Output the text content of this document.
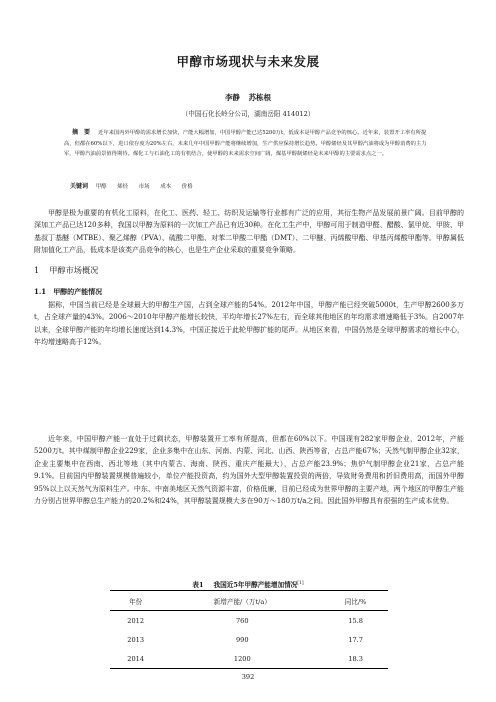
甲醇市场现状与未来发展
李静 苏栋根
（中国石化长岭分公司，湖南岳阳 414012）
摘　要 近年来国内外甲醇的需求增长加快，产能大幅增加，中国甲醇产能已达5200万t，低成本是甲醇产品竞争的核心。近年来，装置开工率有所提高，但都在60%以下，进口依存度为20%左右，未来几年中国甲醇产能将继续增加，生产供应保持增长趋势。甲醇烯烃及其甲醇汽油将成为甲醇消费的主力军，甲醇汽油前景值得期待。煤化工与石油化工的有机结合，使甲醇的未来需求空间广阔，煤基甲醇制烯烃是未来甲醇的主要需求点之一。
关键词 甲醇 烯烃 市场 成本 价格
甲醇是极为重要的有机化工原料，在化工、医药、轻工、纺织及运输等行业都有广泛的应用，其衍生物产品发展前景广阔。目前甲醇的深加工产品已达120多种，我国以甲醇为原料的一次加工产品已有近30种。在化工生产中，甲醇可用于制造甲醛、醋酸、氯甲烷、甲胺、甲基叔丁基醚（MTBE）、聚乙烯醇（PVA）、硫酸二甲酯、对苯二甲酸二甲酯（DMT）、二甲醚、丙烯酸甲酯、甲基丙烯酸甲酯等。甲醇属低附加值化工产品，低成本是该类产品竞争的核心，也是生产企业采取的重要竞争策略。
1 甲醇市场概况
1.1 甲醇的产能情况
据称，中国当前已经是全球最大的甲醇生产国，占到全球产能的54%。2012年中国，甲醇产能已经突破5000t，生产甲醇2600多万t，占全球产量的43%。2006～2010年甲醇产能增长较快，平均年增长27%左右，而全球其他地区的年均需求增速略低于3%。自2007年以来，全球甲醇产能的年均增长速度达到14.3%，中国正接近于此轮甲醇扩能的尾声。从地区来看，中国仍然是全球甲醇需求的增长中心，年均增速略高于12%。
近年来，中国甲醇产能一直处于过剩状态，甲醇装置开工率有所提高，但都在60%以下。中国现有282家甲醇企业，2012年，产能5200万t。其中煤制甲醇企业229家，企业多集中在山东、河南、内蒙、河北、山西、陕西等省，占总产能67%；天然气制甲醇企业32家，企业主要集中在西南、西北等地（其中内蒙古、海南、陕西、重庆产能最大），占总产能23.9%；焦炉气制甲醇企业21家，占总产能9.1%。目前国内甲醇装置规模普遍较小，单位产能投资高，约为国外大型甲醇装置投资的两倍，导致财务费用和折旧费用高，而国外甲醇95%以上以天然气为原料生产。中东、中南美地区天然气资源丰富，价格低廉，目前已经成为世界甲醇的主要产地，两个地区的甲醇生产能力分别占世界甲醇总生产能力的20.2%和24%，其甲醇装置规模大多在90万～180万t/a之间。因此国外甲醇具有很强的生产成本优势。
表1 我国近5年甲醇产能增加情况[1]
年份	新增产能/（万t/a）	同比/%
2012	760	15.8
2013	990	17.7
2014	1200	18.3
392
